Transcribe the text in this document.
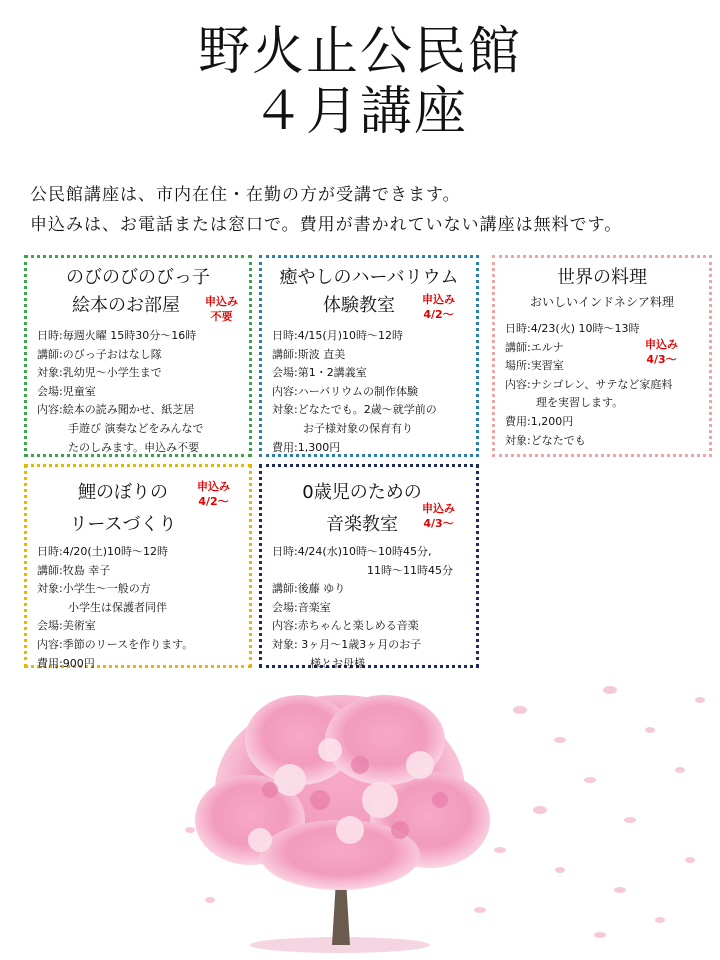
野火止公民館
４月講座
公民館講座は、市内在住・在勤の方が受講できます。
申込みは、お電話または窓口で。費用が書かれていない講座は無料です。
のびのびのびっ子
絵本のお部屋	申込み
不要
日時:毎週火曜 15時30分～16時
講師:のびっ子おはなし隊
対象:乳幼児～小学生まで
会場:児童室
内容:絵本の読み聞かせ、紙芝居
手遊び 演奏などをみんなで
たのしみます。申込み不要
癒やしのハーバリウム
体験教室	申込み
4/2～
日時:4/15(月)10時～12時
講師:斯波 直美
会場:第1・2講義室
内容:ハーバリウムの制作体験
対象:どなたでも。2歳～就学前の
お子様対象の保育有り
費用:1,300円
世界の料理
おいしいインドネシア料理
申込み
4/3～
日時:4/23(火) 10時～13時
講師:エルナ
場所:実習室
内容:ナシゴレン、サテなど家庭料
理を実習します。
費用:1,200円
対象:どなたでも
鯉のぼりの
リースづくり
申込み
4/2～
日時:4/20(土)10時～12時
講師:牧島 幸子
対象:小学生～一般の方
小学生は保護者同伴
会場:美術室
内容:季節のリースを作ります。
費用:900円
0歳児のための
音楽教室
申込み
4/3～
日時:4/24(水)10時～10時45分,
11時～11時45分
講師:後藤 ゆり
会場:音楽室
内容:赤ちゃんと楽しめる音楽
対象: 3ヶ月～1歳3ヶ月のお子
様とお母様
